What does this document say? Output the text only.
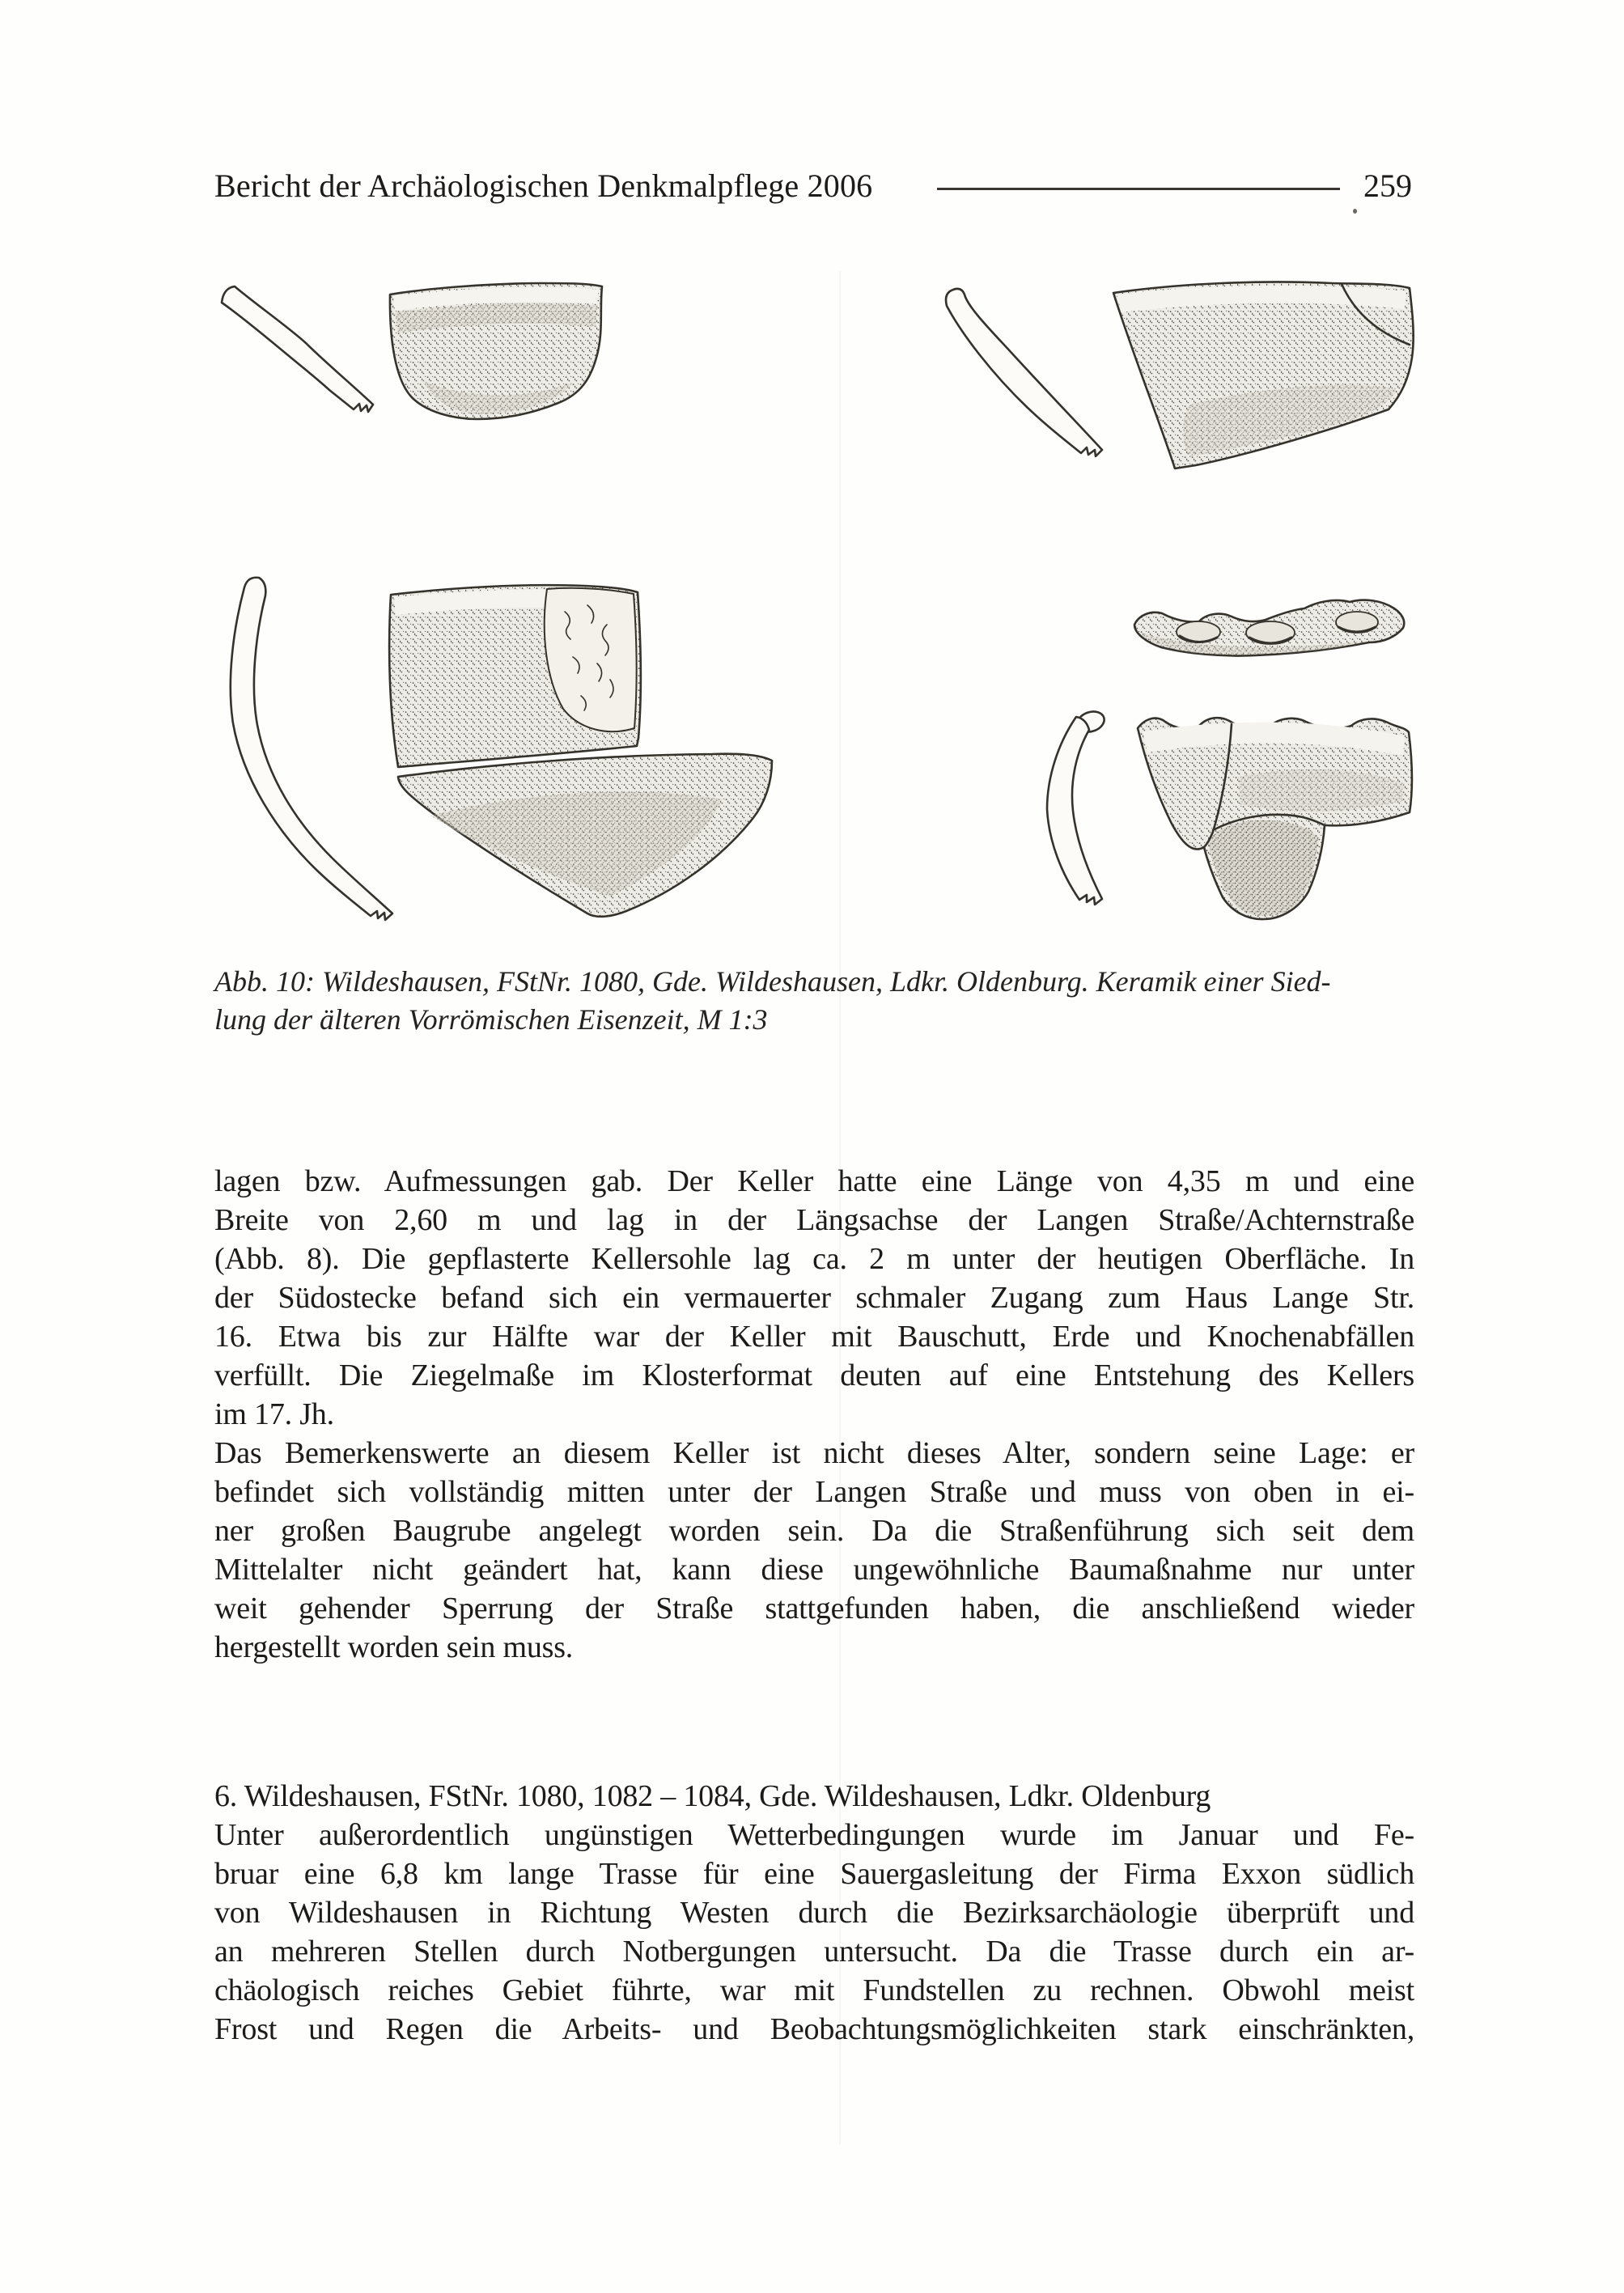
Bericht der Archäologischen Denkmalpflege 2006	259
Abb. 10: Wildeshausen, FStNr. 1080, Gde. Wildeshausen, Ldkr. Oldenburg. Keramik einer Sied-
lung der älteren Vorrömischen Eisenzeit, M 1:3
lagen bzw. Aufmessungen gab. Der Keller hatte eine Länge von 4,35 m und eine
Breite von 2,60 m und lag in der Längsachse der Langen Straße/Achternstraße
(Abb. 8). Die gepflasterte Kellersohle lag ca. 2 m unter der heutigen Oberfläche. In
der Südostecke befand sich ein vermauerter schmaler Zugang zum Haus Lange Str.
16. Etwa bis zur Hälfte war der Keller mit Bauschutt, Erde und Knochenabfällen
verfüllt. Die Ziegelmaße im Klosterformat deuten auf eine Entstehung des Kellers
im 17. Jh.
Das Bemerkenswerte an diesem Keller ist nicht dieses Alter, sondern seine Lage: er
befindet sich vollständig mitten unter der Langen Straße und muss von oben in ei-
ner großen Baugrube angelegt worden sein. Da die Straßenführung sich seit dem
Mittelalter nicht geändert hat, kann diese ungewöhnliche Baumaßnahme nur unter
weit gehender Sperrung der Straße stattgefunden haben, die anschließend wieder
hergestellt worden sein muss.
6. Wildeshausen, FStNr. 1080, 1082 – 1084, Gde. Wildeshausen, Ldkr. Oldenburg
Unter außerordentlich ungünstigen Wetterbedingungen wurde im Januar und Fe-
bruar eine 6,8 km lange Trasse für eine Sauergasleitung der Firma Exxon südlich
von Wildeshausen in Richtung Westen durch die Bezirksarchäologie überprüft und
an mehreren Stellen durch Notbergungen untersucht. Da die Trasse durch ein ar-
chäologisch reiches Gebiet führte, war mit Fundstellen zu rechnen. Obwohl meist
Frost und Regen die Arbeits- und Beobachtungsmöglichkeiten stark einschränkten,
